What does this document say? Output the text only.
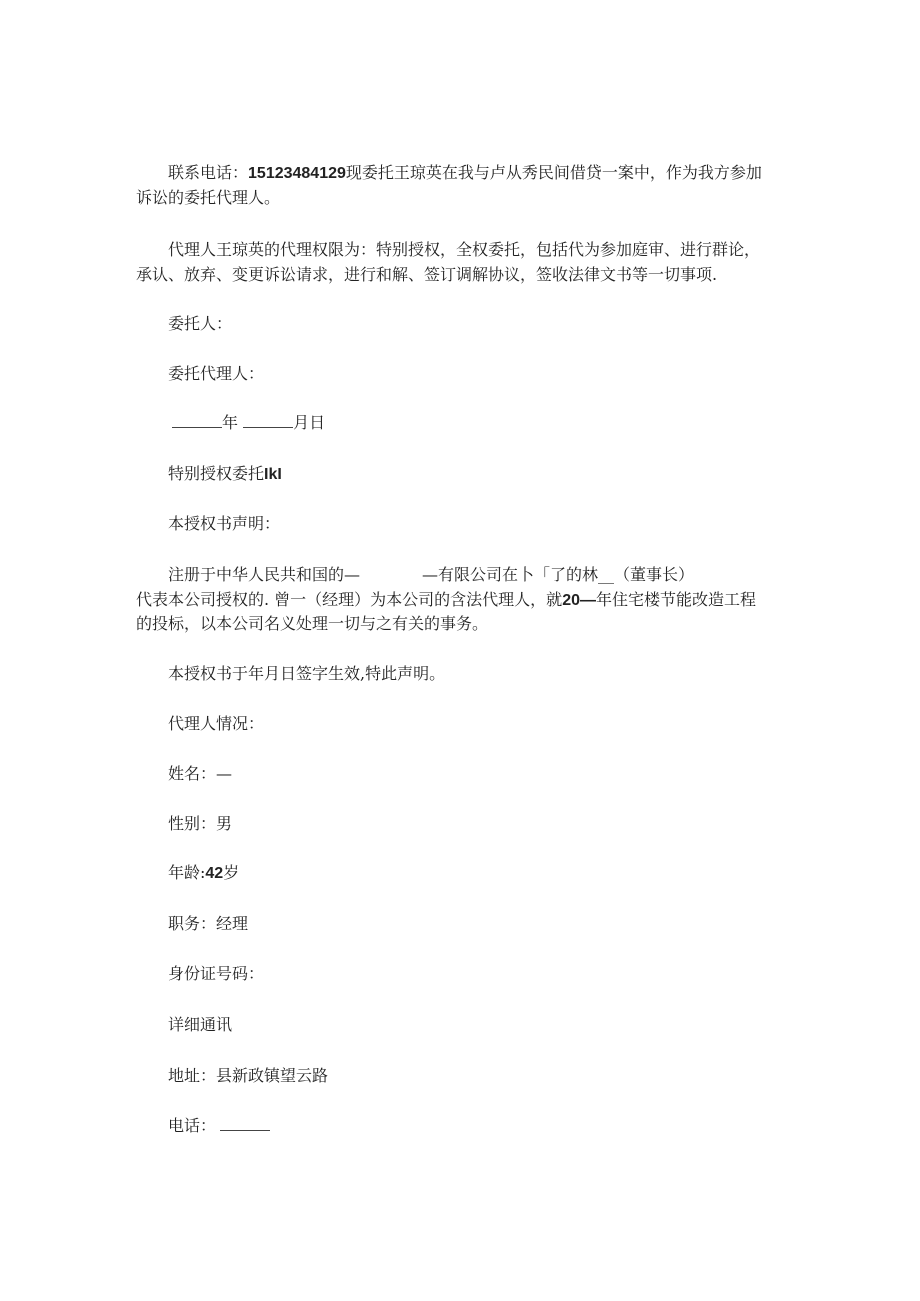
联系电话：15123484129现委托王琼英在我与卢从秀民间借贷一案中，作为我方参加
诉讼的委托代理人。
代理人王琼英的代理权限为：特别授权，全权委托，包括代为参加庭审、进行群论，
承认、放弃、变更诉讼请求，进行和解、签订调解协议，签收法律文书等一切事项.
委托人：
委托代理人：
年	月日
特别授权委托IkI
本授权书声明：
注册于中华人民共和国的—	—有限公司在卜「了的林__（董事长）
代表本公司授权的. 曾一（经理）为本公司的含法代理人，就20—年住宅楼节能改造工程
的投标，以本公司名义处理一切与之有关的事务。
本授权书于年月日签字生效,特此声明。
代理人情况：
姓名：—
性别：男
年龄:42岁
职务：经理
身份证号码：
详细通讯
地址：县新政镇望云路
电话：
